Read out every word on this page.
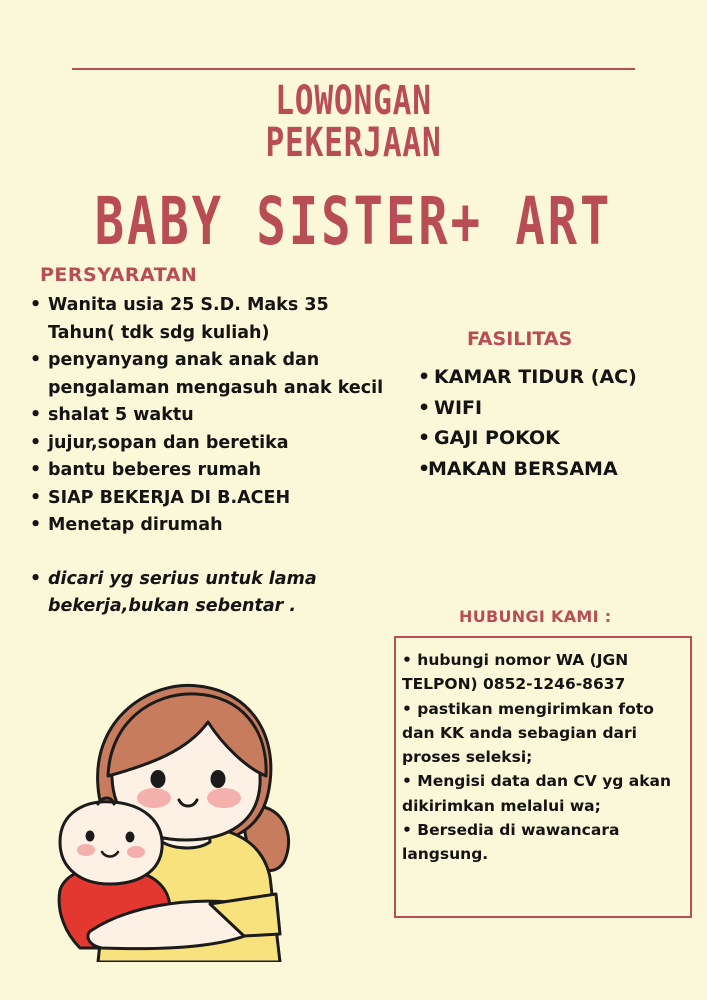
LOWONGAN
PEKERJAAN
BABY SISTER+ ART
PERSYARATAN
• Wanita usia 25 S.D. Maks 35 Tahun( tdk sdg kuliah)
• penyanyang anak anak dan pengalaman mengasuh anak kecil
• shalat 5 waktu
• jujur,sopan dan beretika
• bantu beberes rumah
• SIAP BEKERJA DI B.ACEH
• Menetap dirumah
• dicari yg serius untuk lama bekerja,bukan sebentar .
FASILITAS
• KAMAR TIDUR (AC)
• WIFI
• GAJI POKOK
•MAKAN BERSAMA
HUBUNGI KAMI :

• hubungi nomor WA (JGN TELPON) 0852-1246-8637

• pastikan mengirimkan foto dan KK anda sebagian dari proses seleksi;

• Mengisi data dan CV yg akan dikirimkan melalui wa;

• Bersedia di wawancara langsung.
